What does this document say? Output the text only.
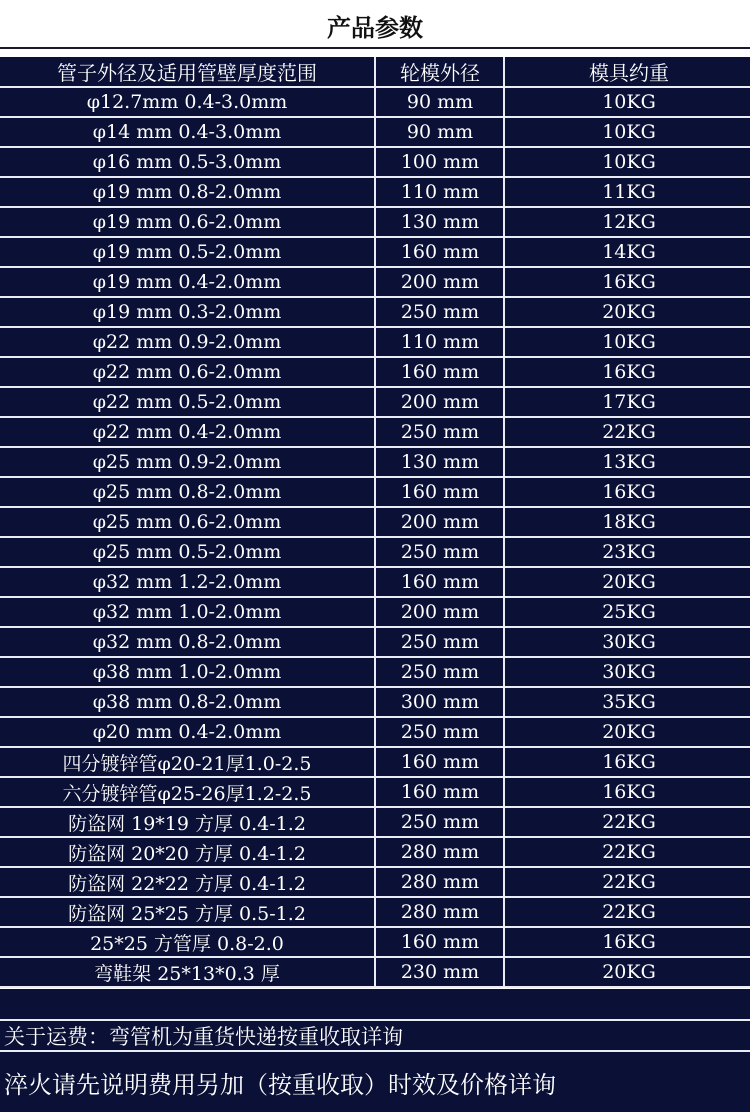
产品参数
管子外径及适用管壁厚度范围	轮模外径	模具约重
φ12.7mm 0.4-3.0mm	90 mm	10KG
φ14 mm 0.4-3.0mm	90 mm	10KG
φ16 mm 0.5-3.0mm	100 mm	10KG
φ19 mm 0.8-2.0mm	110 mm	11KG
φ19 mm 0.6-2.0mm	130 mm	12KG
φ19 mm 0.5-2.0mm	160 mm	14KG
φ19 mm 0.4-2.0mm	200 mm	16KG
φ19 mm 0.3-2.0mm	250 mm	20KG
φ22 mm 0.9-2.0mm	110 mm	10KG
φ22 mm 0.6-2.0mm	160 mm	16KG
φ22 mm 0.5-2.0mm	200 mm	17KG
φ22 mm 0.4-2.0mm	250 mm	22KG
φ25 mm 0.9-2.0mm	130 mm	13KG
φ25 mm 0.8-2.0mm	160 mm	16KG
φ25 mm 0.6-2.0mm	200 mm	18KG
φ25 mm 0.5-2.0mm	250 mm	23KG
φ32 mm 1.2-2.0mm	160 mm	20KG
φ32 mm 1.0-2.0mm	200 mm	25KG
φ32 mm 0.8-2.0mm	250 mm	30KG
φ38 mm 1.0-2.0mm	250 mm	30KG
φ38 mm 0.8-2.0mm	300 mm	35KG
φ20 mm 0.4-2.0mm	250 mm	20KG
四分镀锌管φ20-21厚1.0-2.5	160 mm	16KG
六分镀锌管φ25-26厚1.2-2.5	160 mm	16KG
防盗网 19*19 方厚 0.4-1.2	250 mm	22KG
防盗网 20*20 方厚 0.4-1.2	280 mm	22KG
防盗网 22*22 方厚 0.4-1.2	280 mm	22KG
防盗网 25*25 方厚 0.5-1.2	280 mm	22KG
25*25 方管厚 0.8-2.0	160 mm	16KG
弯鞋架 25*13*0.3 厚	230 mm	20KG
关于运费：弯管机为重货快递按重收取详询
淬火请先说明费用另加（按重收取）时效及价格详询
